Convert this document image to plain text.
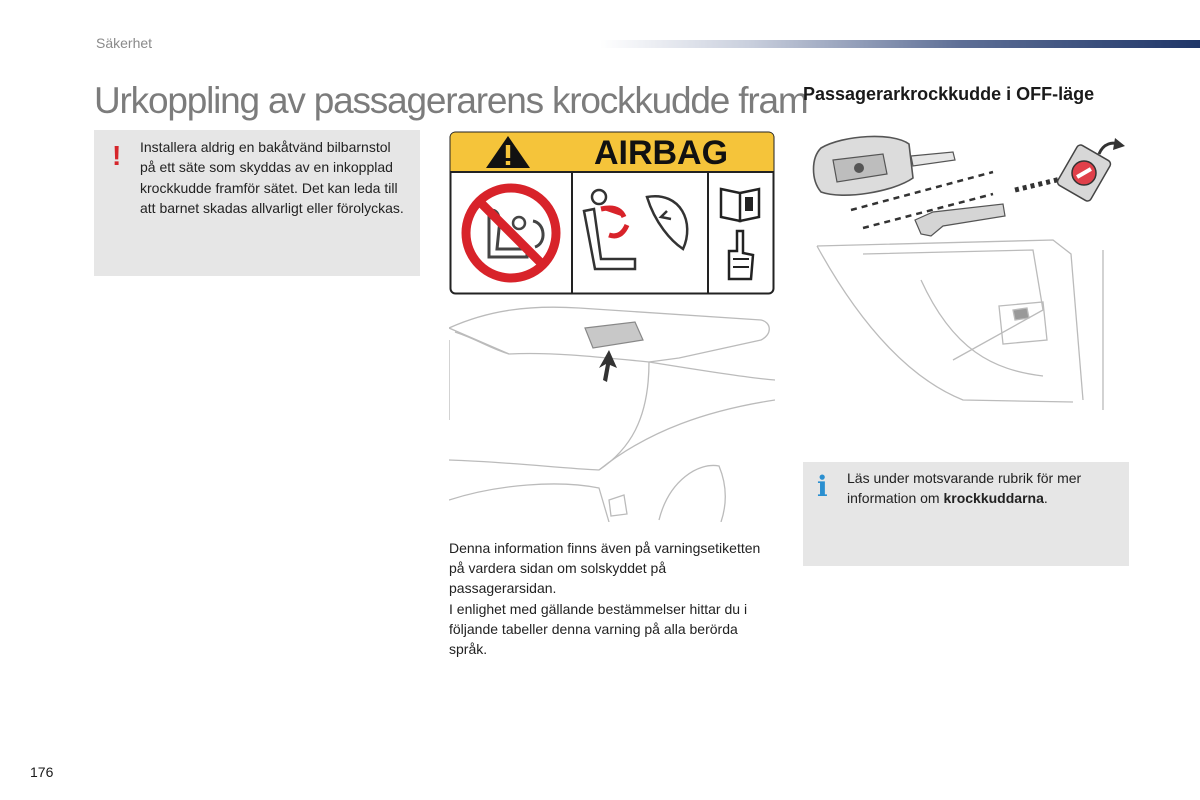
Säkerhet
Urkoppling av passagerarens krockkudde fram
Passagerarkrockkudde i OFF-läge
! Installera aldrig en bakåtvänd bilbarnstol på ett säte som skyddas av en inkopplad krockkudde framför sätet. Det kan leda till att barnet skadas allvarligt eller förolyckas.
AIRBAG
Denna information finns även på varningsetiketten på vardera sidan om solskyddet på passagerarsidan.
I enlighet med gällande bestämmelser hittar du i följande tabeller denna varning på alla berörda språk.
i Läs under motsvarande rubrik för mer information om krockkuddarna.
176
